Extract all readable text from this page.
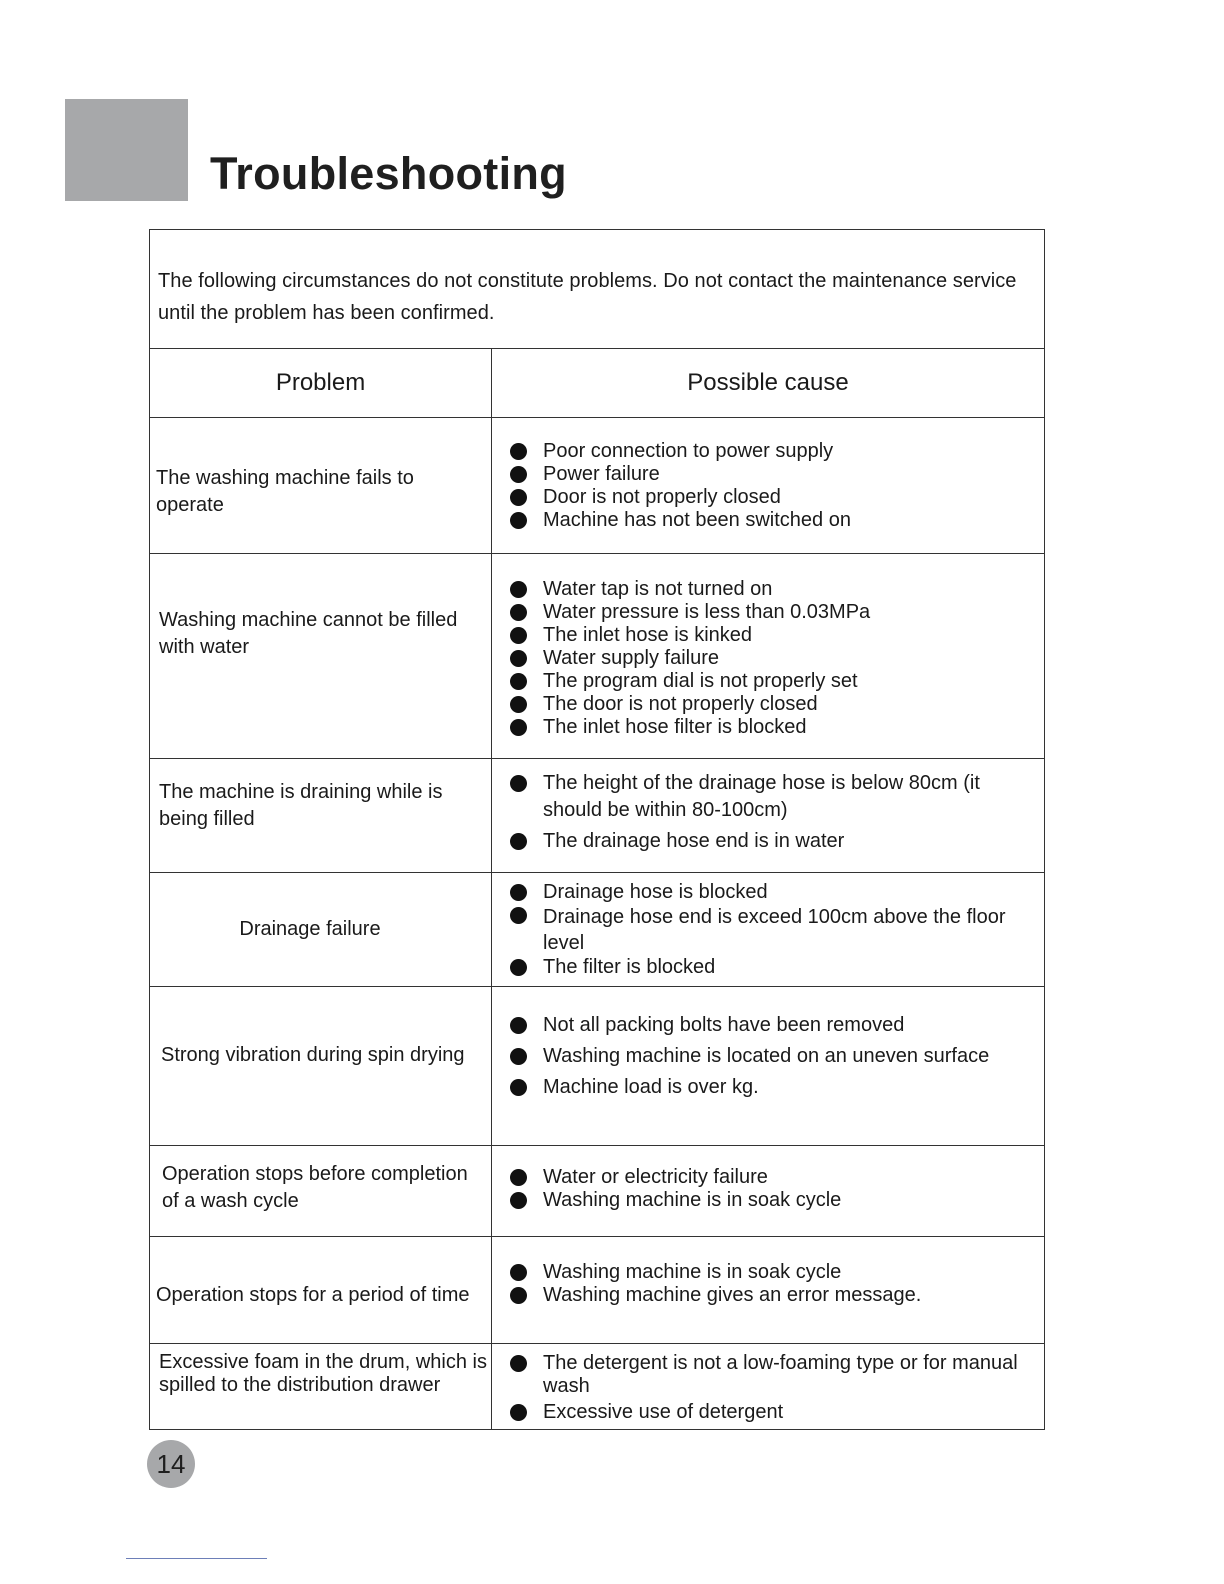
Troubleshooting
The following circumstances do not constitute problems. Do not contact the maintenance service until the problem has been confirmed.
Problem	Possible cause
The washing machine fails to operate
Poor connection to power supply
Power failure
Door is not properly closed
Machine has not been switched on
Washing machine cannot be filled with water
Water tap is not turned on
Water pressure is less than 0.03MPa
The inlet hose is kinked
Water supply failure
The program dial is not properly set
The door is not properly closed
The inlet hose filter is blocked
The machine is draining while is being filled
The height of the drainage hose is below 80cm (it should be within 80-100cm)
The drainage hose end is in water
Drainage failure
Drainage hose is blocked
Drainage hose end is exceed 100cm above the floor level
The filter is blocked
Strong vibration during spin drying
Not all packing bolts have been removed
Washing machine is located on an uneven surface
Machine load is over kg.
Operation stops before completion of a wash cycle
Water or electricity failure
Washing machine is in soak cycle
Operation stops for a period of time
Washing machine is in soak cycle
Washing machine gives an error message.
Excessive foam in the drum, which is spilled to the distribution drawer
The detergent is not a low-foaming type or for manual wash
Excessive use of detergent
14
